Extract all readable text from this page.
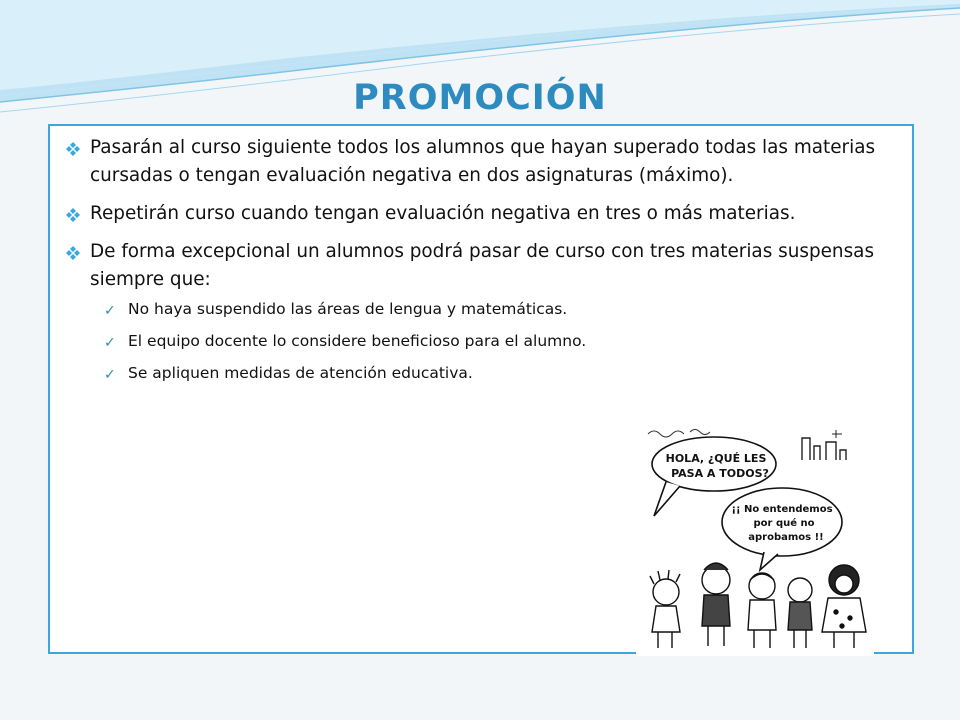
PROMOCIÓN
Pasarán al curso siguiente todos los alumnos que hayan superado todas las materias cursadas o tengan evaluación negativa en dos asignaturas (máximo).
Repetirán curso cuando tengan evaluación negativa en tres o más materias.
De forma excepcional un alumnos podrá pasar de curso con tres materias suspensas siempre que:
✓ No haya suspendido las áreas de lengua y matemáticas.
✓ El equipo docente lo considere beneficioso para el alumno.
✓ Se apliquen medidas de atención educativa.
HOLA, ¿QUÉ LES
PASA A TODOS?
¡¡ No entendemos
por qué no
aprobamos !!
